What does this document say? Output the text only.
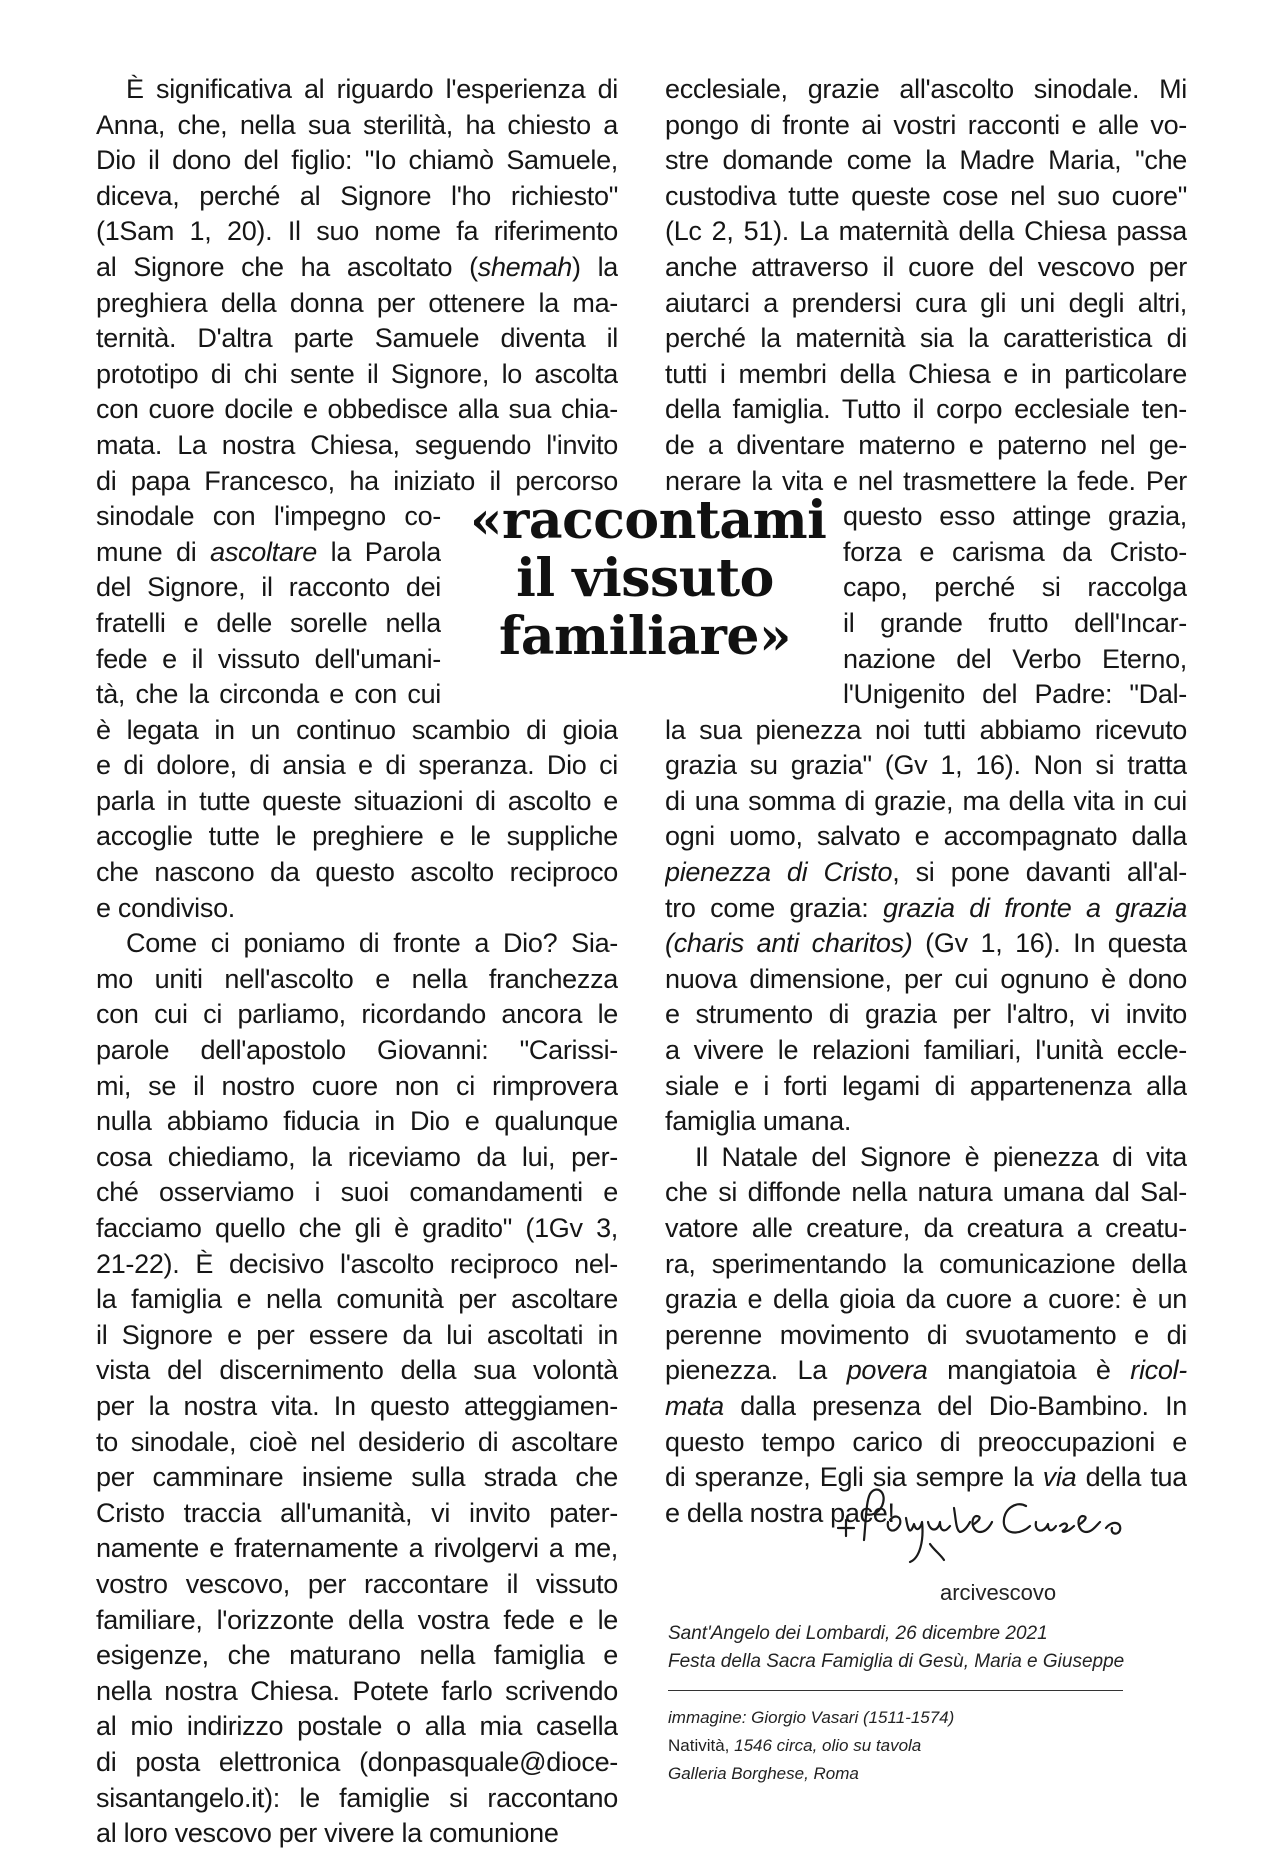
È significativa al riguardo l'esperienza di
Anna, che, nella sua sterilità, ha chiesto a
Dio il dono del figlio: "Io chiamò Samuele,
diceva, perché al Signore l'ho richiesto"
(1Sam 1, 20). Il suo nome fa riferimento
al Signore che ha ascoltato (shemah) la
preghiera della donna per ottenere la ma-
ternità. D'altra parte Samuele diventa il
prototipo di chi sente il Signore, lo ascolta
con cuore docile e obbedisce alla sua chia-
mata. La nostra Chiesa, seguendo l'invito
di papa Francesco, ha iniziato il percorso
sinodale con l'impegno co-
mune di ascoltare la Parola
del Signore, il racconto dei
fratelli e delle sorelle nella
fede e il vissuto dell'umani-
tà, che la circonda e con cui
è legata in un continuo scambio di gioia
e di dolore, di ansia e di speranza. Dio ci
parla in tutte queste situazioni di ascolto e
accoglie tutte le preghiere e le suppliche
che nascono da questo ascolto reciproco
e condiviso.
Come ci poniamo di fronte a Dio? Sia-
mo uniti nell'ascolto e nella franchezza
con cui ci parliamo, ricordando ancora le
parole dell'apostolo Giovanni: "Carissi-
mi, se il nostro cuore non ci rimprovera
nulla abbiamo fiducia in Dio e qualunque
cosa chiediamo, la riceviamo da lui, per-
ché osserviamo i suoi comandamenti e
facciamo quello che gli è gradito" (1Gv 3,
21-22). È decisivo l'ascolto reciproco nel-
la famiglia e nella comunità per ascoltare
il Signore e per essere da lui ascoltati in
vista del discernimento della sua volontà
per la nostra vita. In questo atteggiamen-
to sinodale, cioè nel desiderio di ascoltare
per camminare insieme sulla strada che
Cristo traccia all'umanità, vi invito pater-
namente e fraternamente a rivolgervi a me,
vostro vescovo, per raccontare il vissuto
familiare, l'orizzonte della vostra fede e le
esigenze, che maturano nella famiglia e
nella nostra Chiesa. Potete farlo scrivendo
al mio indirizzo postale o alla mia casella
di posta elettronica (donpasquale@dioce-
sisantangelo.it): le famiglie si raccontano
al loro vescovo per vivere la comunione
ecclesiale, grazie all'ascolto sinodale. Mi
pongo di fronte ai vostri racconti e alle vo-
stre domande come la Madre Maria, "che
custodiva tutte queste cose nel suo cuore"
(Lc 2, 51). La maternità della Chiesa passa
anche attraverso il cuore del vescovo per
aiutarci a prendersi cura gli uni degli altri,
perché la maternità sia la caratteristica di
tutti i membri della Chiesa e in particolare
della famiglia. Tutto il corpo ecclesiale ten-
de a diventare materno e paterno nel ge-
nerare la vita e nel trasmettere la fede. Per
questo esso attinge grazia,
forza e carisma da Cristo-
capo, perché si raccolga
il grande frutto dell'Incar-
nazione del Verbo Eterno,
l'Unigenito del Padre: "Dal-
la sua pienezza noi tutti abbiamo ricevuto
grazia su grazia" (Gv 1, 16). Non si tratta
di una somma di grazie, ma della vita in cui
ogni uomo, salvato e accompagnato dalla
pienezza di Cristo, si pone davanti all'al-
tro come grazia: grazia di fronte a grazia
(charis anti charitos) (Gv 1, 16). In questa
nuova dimensione, per cui ognuno è dono
e strumento di grazia per l'altro, vi invito
a vivere le relazioni familiari, l'unità eccle-
siale e i forti legami di appartenenza alla
famiglia umana.
Il Natale del Signore è pienezza di vita
che si diffonde nella natura umana dal Sal-
vatore alle creature, da creatura a creatu-
ra, sperimentando la comunicazione della
grazia e della gioia da cuore a cuore: è un
perenne movimento di svuotamento e di
pienezza. La povera mangiatoia è ricol-
mata dalla presenza del Dio-Bambino. In
questo tempo carico di preoccupazioni e
di speranze, Egli sia sempre la via della tua
e della nostra pace!
«raccontami
il vissuto
familiare»
arcivescovo
Sant'Angelo dei Lombardi, 26 dicembre 2021
Festa della Sacra Famiglia di Gesù, Maria e Giuseppe
immagine: Giorgio Vasari (1511-1574)
Natività, 1546 circa, olio su tavola
Galleria Borghese, Roma
